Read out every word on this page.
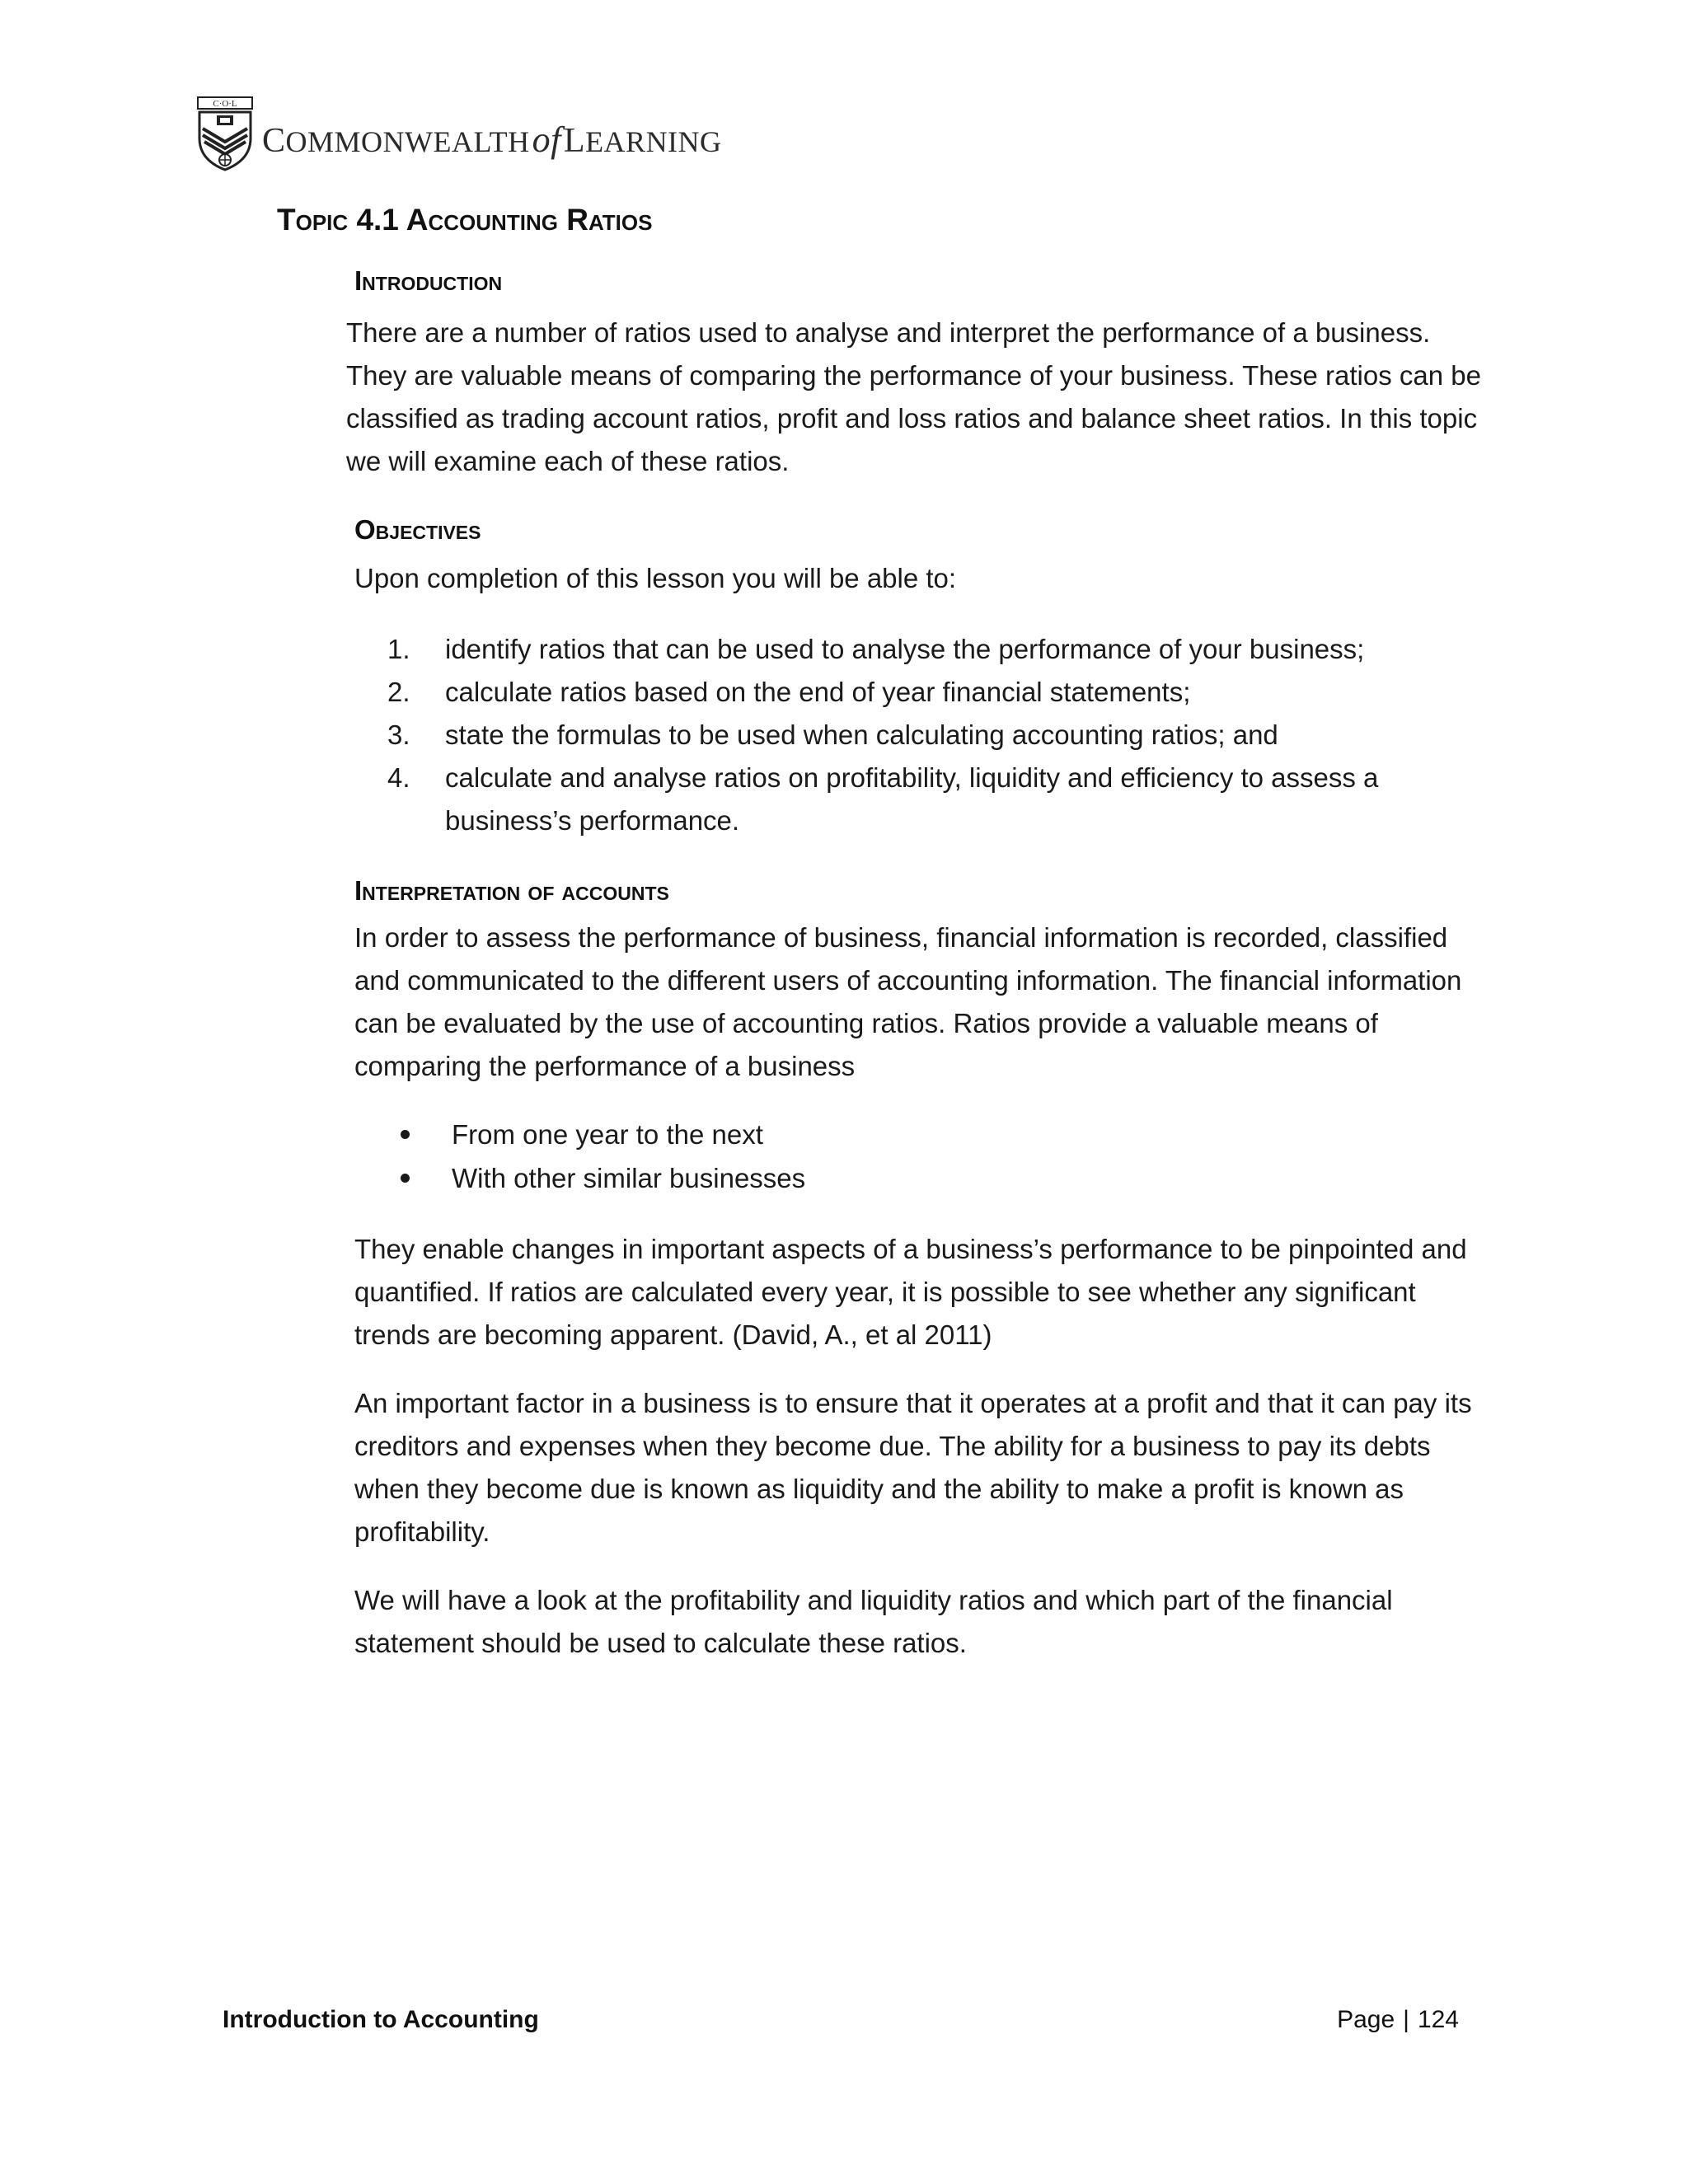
C·O·L
COMMONWEALTHofLEARNING
Topic 4.1 Accounting Ratios
Introduction

There are a number of ratios used to analyse and interpret the performance of a business. They are valuable means of comparing the performance of your business. These ratios can be classified as trading account ratios, profit and loss ratios and balance sheet ratios. In this topic we will examine each of these ratios.

Objectives

Upon completion of this lesson you will be able to:

1. identify ratios that can be used to analyse the performance of your business;
2. calculate ratios based on the end of year financial statements;
3. state the formulas to be used when calculating accounting ratios; and
4. calculate and analyse ratios on profitability, liquidity and efficiency to assess a business’s performance.
Interpretation of accounts

In order to assess the performance of business, financial information is recorded, classified and communicated to the different users of accounting information. The financial information can be evaluated by the use of accounting ratios. Ratios provide a valuable means of comparing the performance of a business

From one year to the next
With other similar businesses

They enable changes in important aspects of a business’s performance to be pinpointed and quantified. If ratios are calculated every year, it is possible to see whether any significant trends are becoming apparent. (David, A., et al 2011)

An important factor in a business is to ensure that it operates at a profit and that it can pay its creditors and expenses when they become due. The ability for a business to pay its debts when they become due is known as liquidity and the ability to make a profit is known as profitability.

We will have a look at the profitability and liquidity ratios and which part of the financial statement should be used to calculate these ratios.

Introduction to Accounting	Page | 124
